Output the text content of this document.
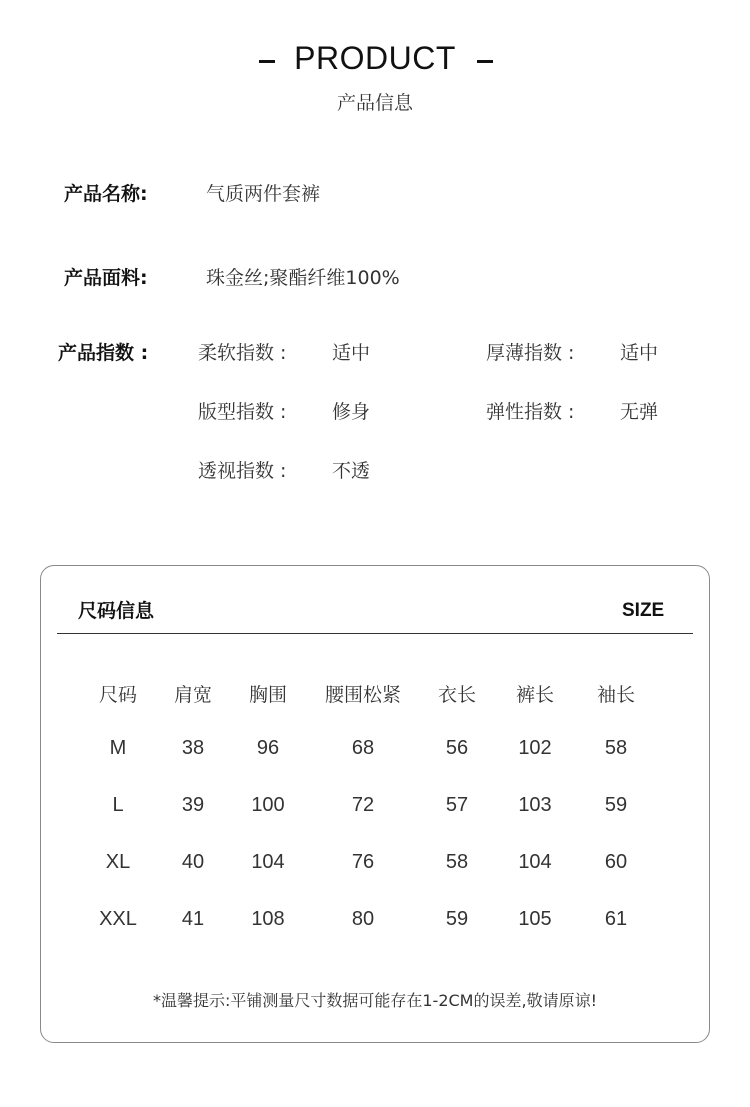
PRODUCT
产品信息
产品名称:	气质两件套裤
产品面料:	珠金丝;聚酯纤维100%
产品指数 :	柔软指数 : 适中	厚薄指数 : 适中
版型指数 : 修身	弹性指数 : 无弹
透视指数 : 不透
尺码信息	SIZE
尺码	肩宽	胸围	腰围松紧	衣长	裤长	袖长
M	38	96	68	56	102	58
L	39	100	72	57	103	59
XL	40	104	76	58	104	60
XXL	41	108	80	59	105	61
*温馨提示:平铺测量尺寸数据可能存在1-2CM的误差,敬请原谅!
